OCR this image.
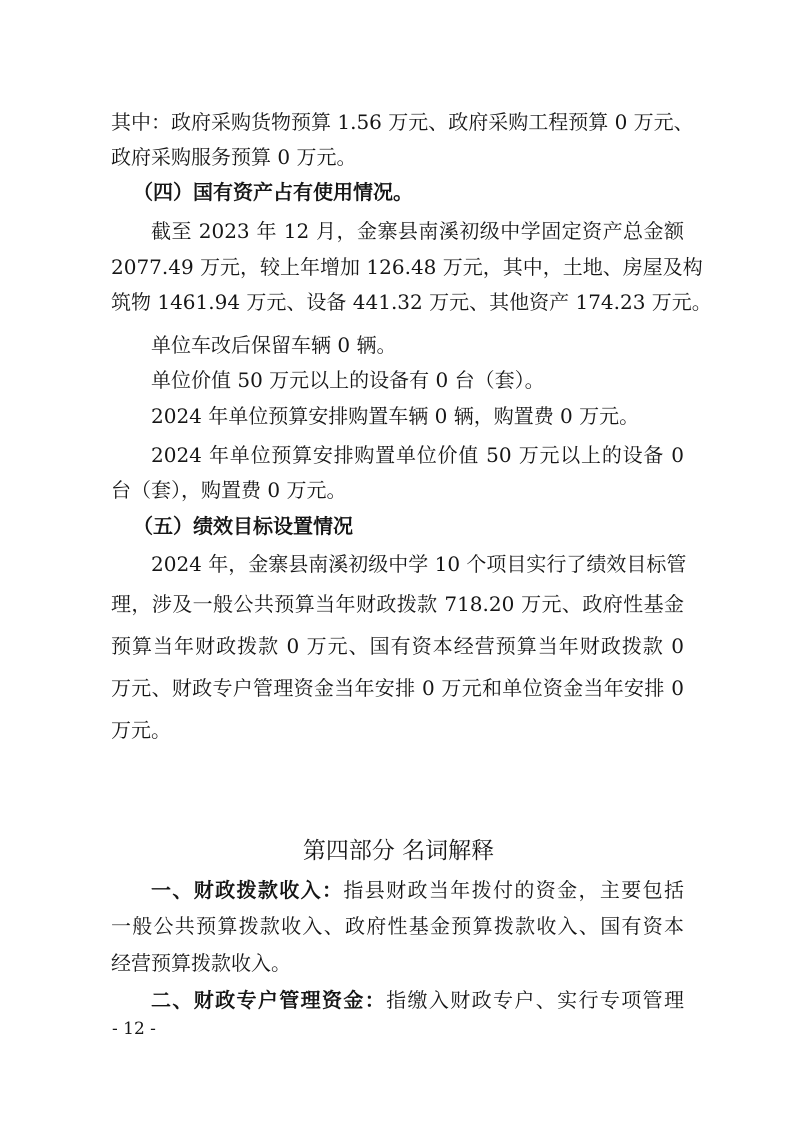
其中：政府采购货物预算 1.56 万元、政府采购工程预算 0 万元、
政府采购服务预算 0 万元。
（四）国有资产占有使用情况。
截至 2023 年 12 月，金寨县南溪初级中学固定资产总金额
2077.49 万元，较上年增加 126.48 万元，其中，土地、房屋及构
筑物 1461.94 万元、设备 441.32 万元、其他资产 174.23 万元。
单位车改后保留车辆 0 辆。
单位价值 50 万元以上的设备有 0 台（套）。
2024 年单位预算安排购置车辆 0 辆，购置费 0 万元。
2024 年单位预算安排购置单位价值 50 万元以上的设备 0
台（套），购置费 0 万元。
（五）绩效目标设置情况
2024 年，金寨县南溪初级中学 10 个项目实行了绩效目标管
理，涉及一般公共预算当年财政拨款 718.20 万元、政府性基金
预算当年财政拨款 0 万元、国有资本经营预算当年财政拨款 0
万元、财政专户管理资金当年安排 0 万元和单位资金当年安排 0
万元。
第四部分 名词解释
一、财政拨款收入：指县财政当年拨付的资金，主要包括
一般公共预算拨款收入、政府性基金预算拨款收入、国有资本
经营预算拨款收入。
二、财政专户管理资金：指缴入财政专户、实行专项管理
- 12 -
